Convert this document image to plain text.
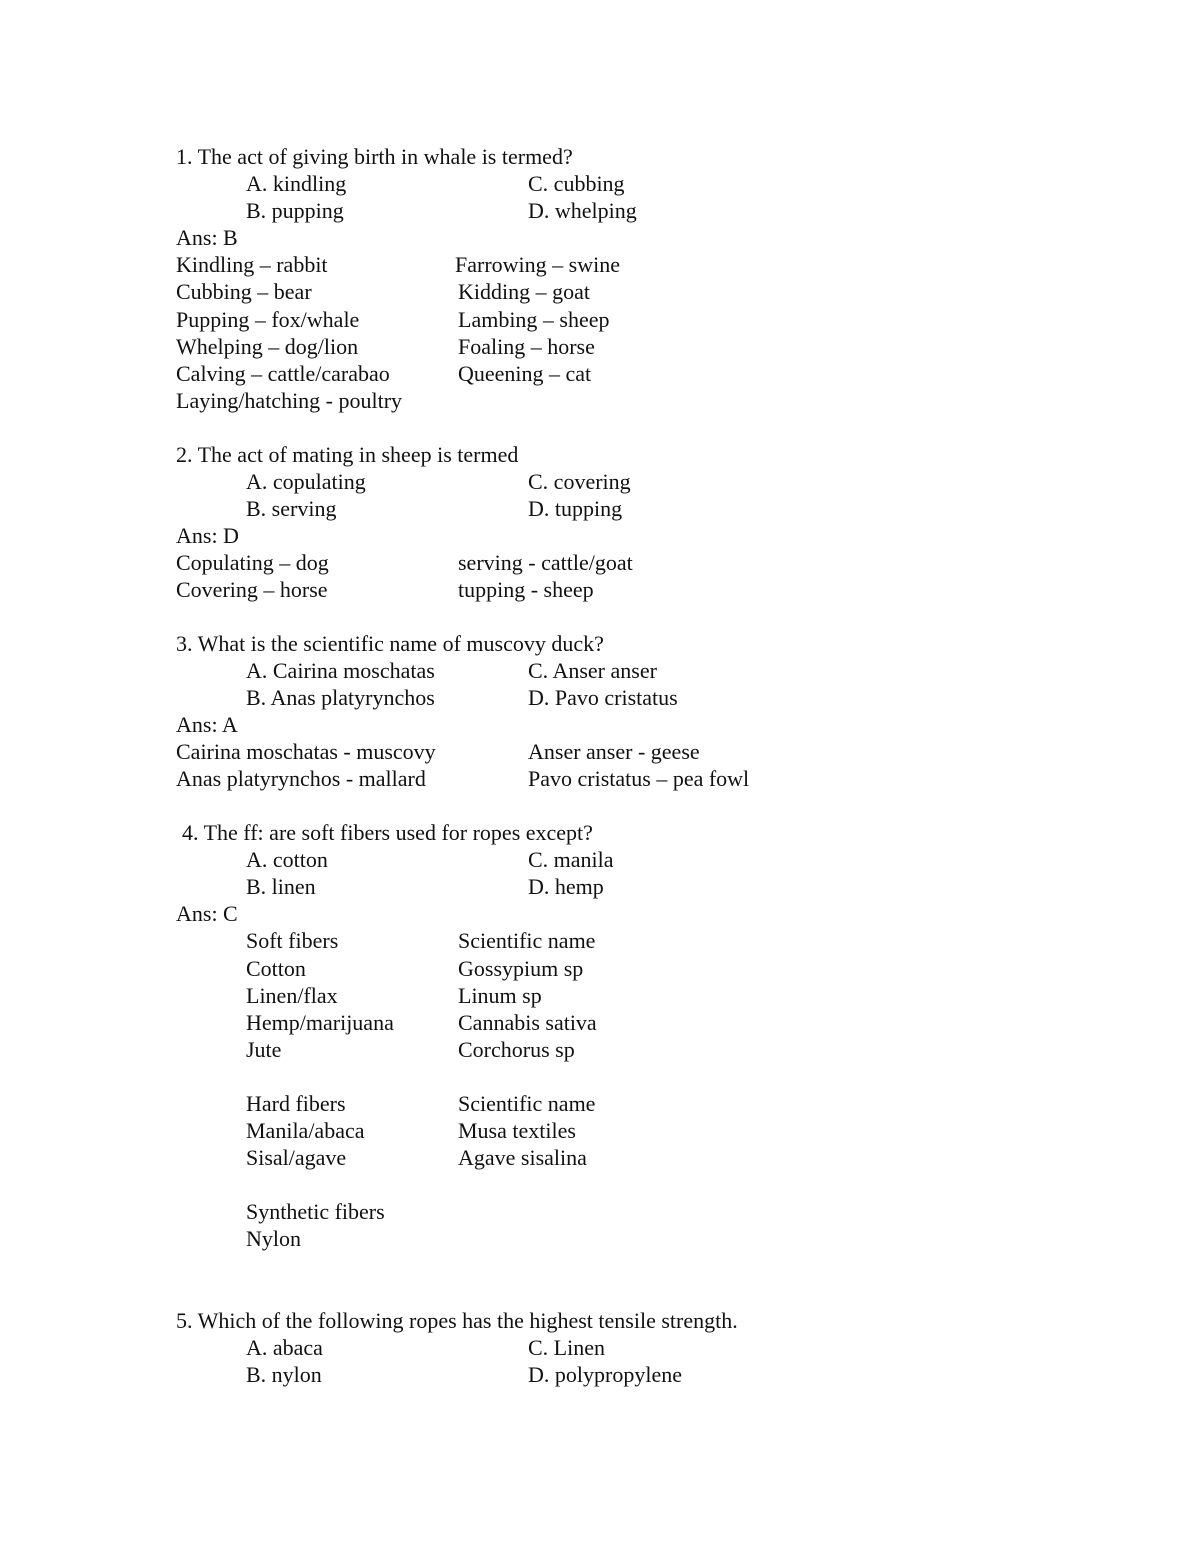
1. The act of giving birth in whale is termed?
A. kindling	C. cubbing
B. pupping	D. whelping
Ans: B
Kindling – rabbit	Farrowing – swine
Cubbing – bear	Kidding – goat
Pupping – fox/whale	Lambing – sheep
Whelping – dog/lion	Foaling – horse
Calving – cattle/carabao	Queening – cat
Laying/hatching - poultry
2. The act of mating in sheep is termed
A. copulating	C. covering
B. serving	D. tupping
Ans: D
Copulating – dog	serving - cattle/goat
Covering – horse	tupping - sheep
3. What is the scientific name of muscovy duck?
A. Cairina moschatas	C. Anser anser
B. Anas platyrynchos	D. Pavo cristatus
Ans: A
Cairina moschatas - muscovy	Anser anser - geese
Anas platyrynchos - mallard	Pavo cristatus – pea fowl
4. The ff: are soft fibers used for ropes except?
A. cotton	C. manila
B. linen	D. hemp
Ans: C
Soft fibers	Scientific name
Cotton	Gossypium sp
Linen/flax	Linum sp
Hemp/marijuana	Cannabis sativa
Jute	Corchorus sp
Hard fibers	Scientific name
Manila/abaca	Musa textiles
Sisal/agave	Agave sisalina
Synthetic fibers
Nylon
5. Which of the following ropes has the highest tensile strength.
A. abaca	C. Linen
B. nylon	D. polypropylene
